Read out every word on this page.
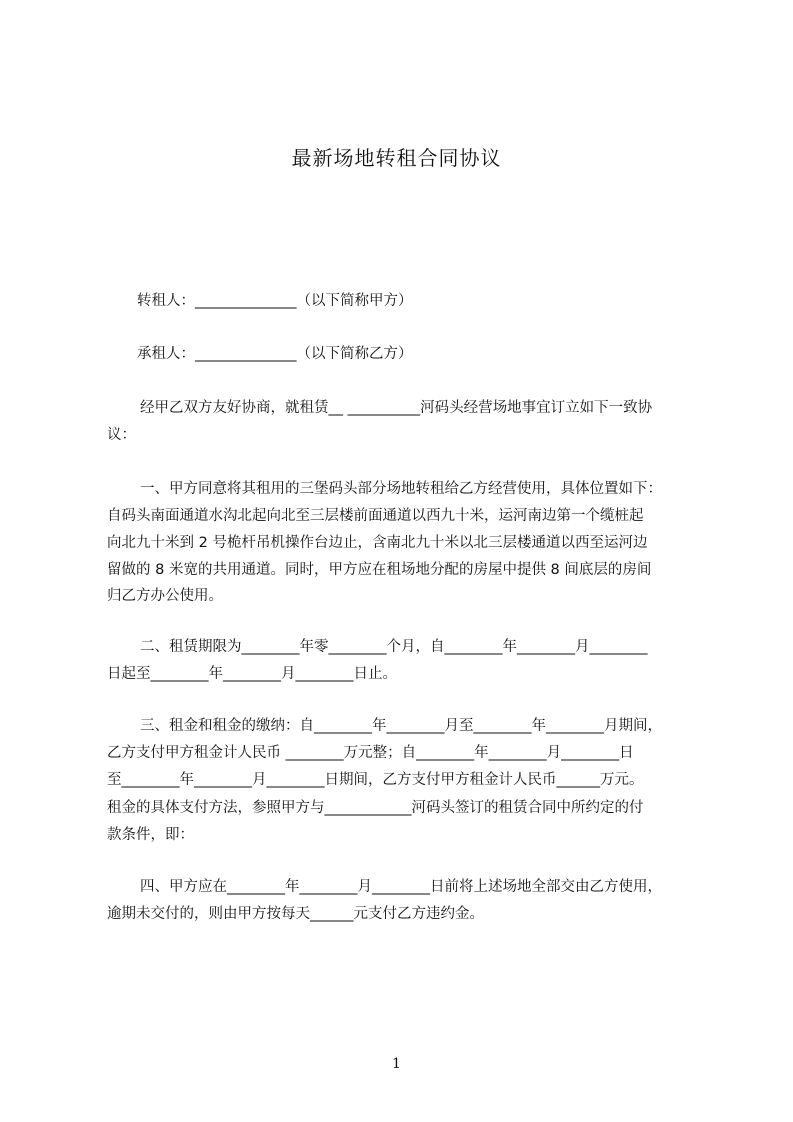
最新场地转租合同协议
转租人：______________（以下简称甲方）
承租人：______________（以下简称乙方）
经甲乙双方友好协商，就租赁__ __________河码头经营场地事宜订立如下一致协
议：
一、甲方同意将其租用的三堡码头部分场地转租给乙方经营使用，具体位置如下：
自码头南面通道水沟北起向北至三层楼前面通道以西九十米，运河南边第一个缆桩起
向北九十米到 2 号桅杆吊机操作台边止，含南北九十米以北三层楼通道以西至运河边
留做的 8 米宽的共用通道。同时，甲方应在租场地分配的房屋中提供 8 间底层的房间
归乙方办公使用。
二、租赁期限为________年零________个月，自________年________月________
日起至________年________月________日止。
三、租金和租金的缴纳：自________年________月至________年________月期间，
乙方支付甲方租金计人民币 ________万元整；自________年________月________日
至________年________月________日期间，乙方支付甲方租金计人民币______万元。
租金的具体支付方法，参照甲方与____________河码头签订的租赁合同中所约定的付
款条件，即：
四、甲方应在________年________月________日前将上述场地全部交由乙方使用，
逾期未交付的，则由甲方按每天______元支付乙方违约金。
1
